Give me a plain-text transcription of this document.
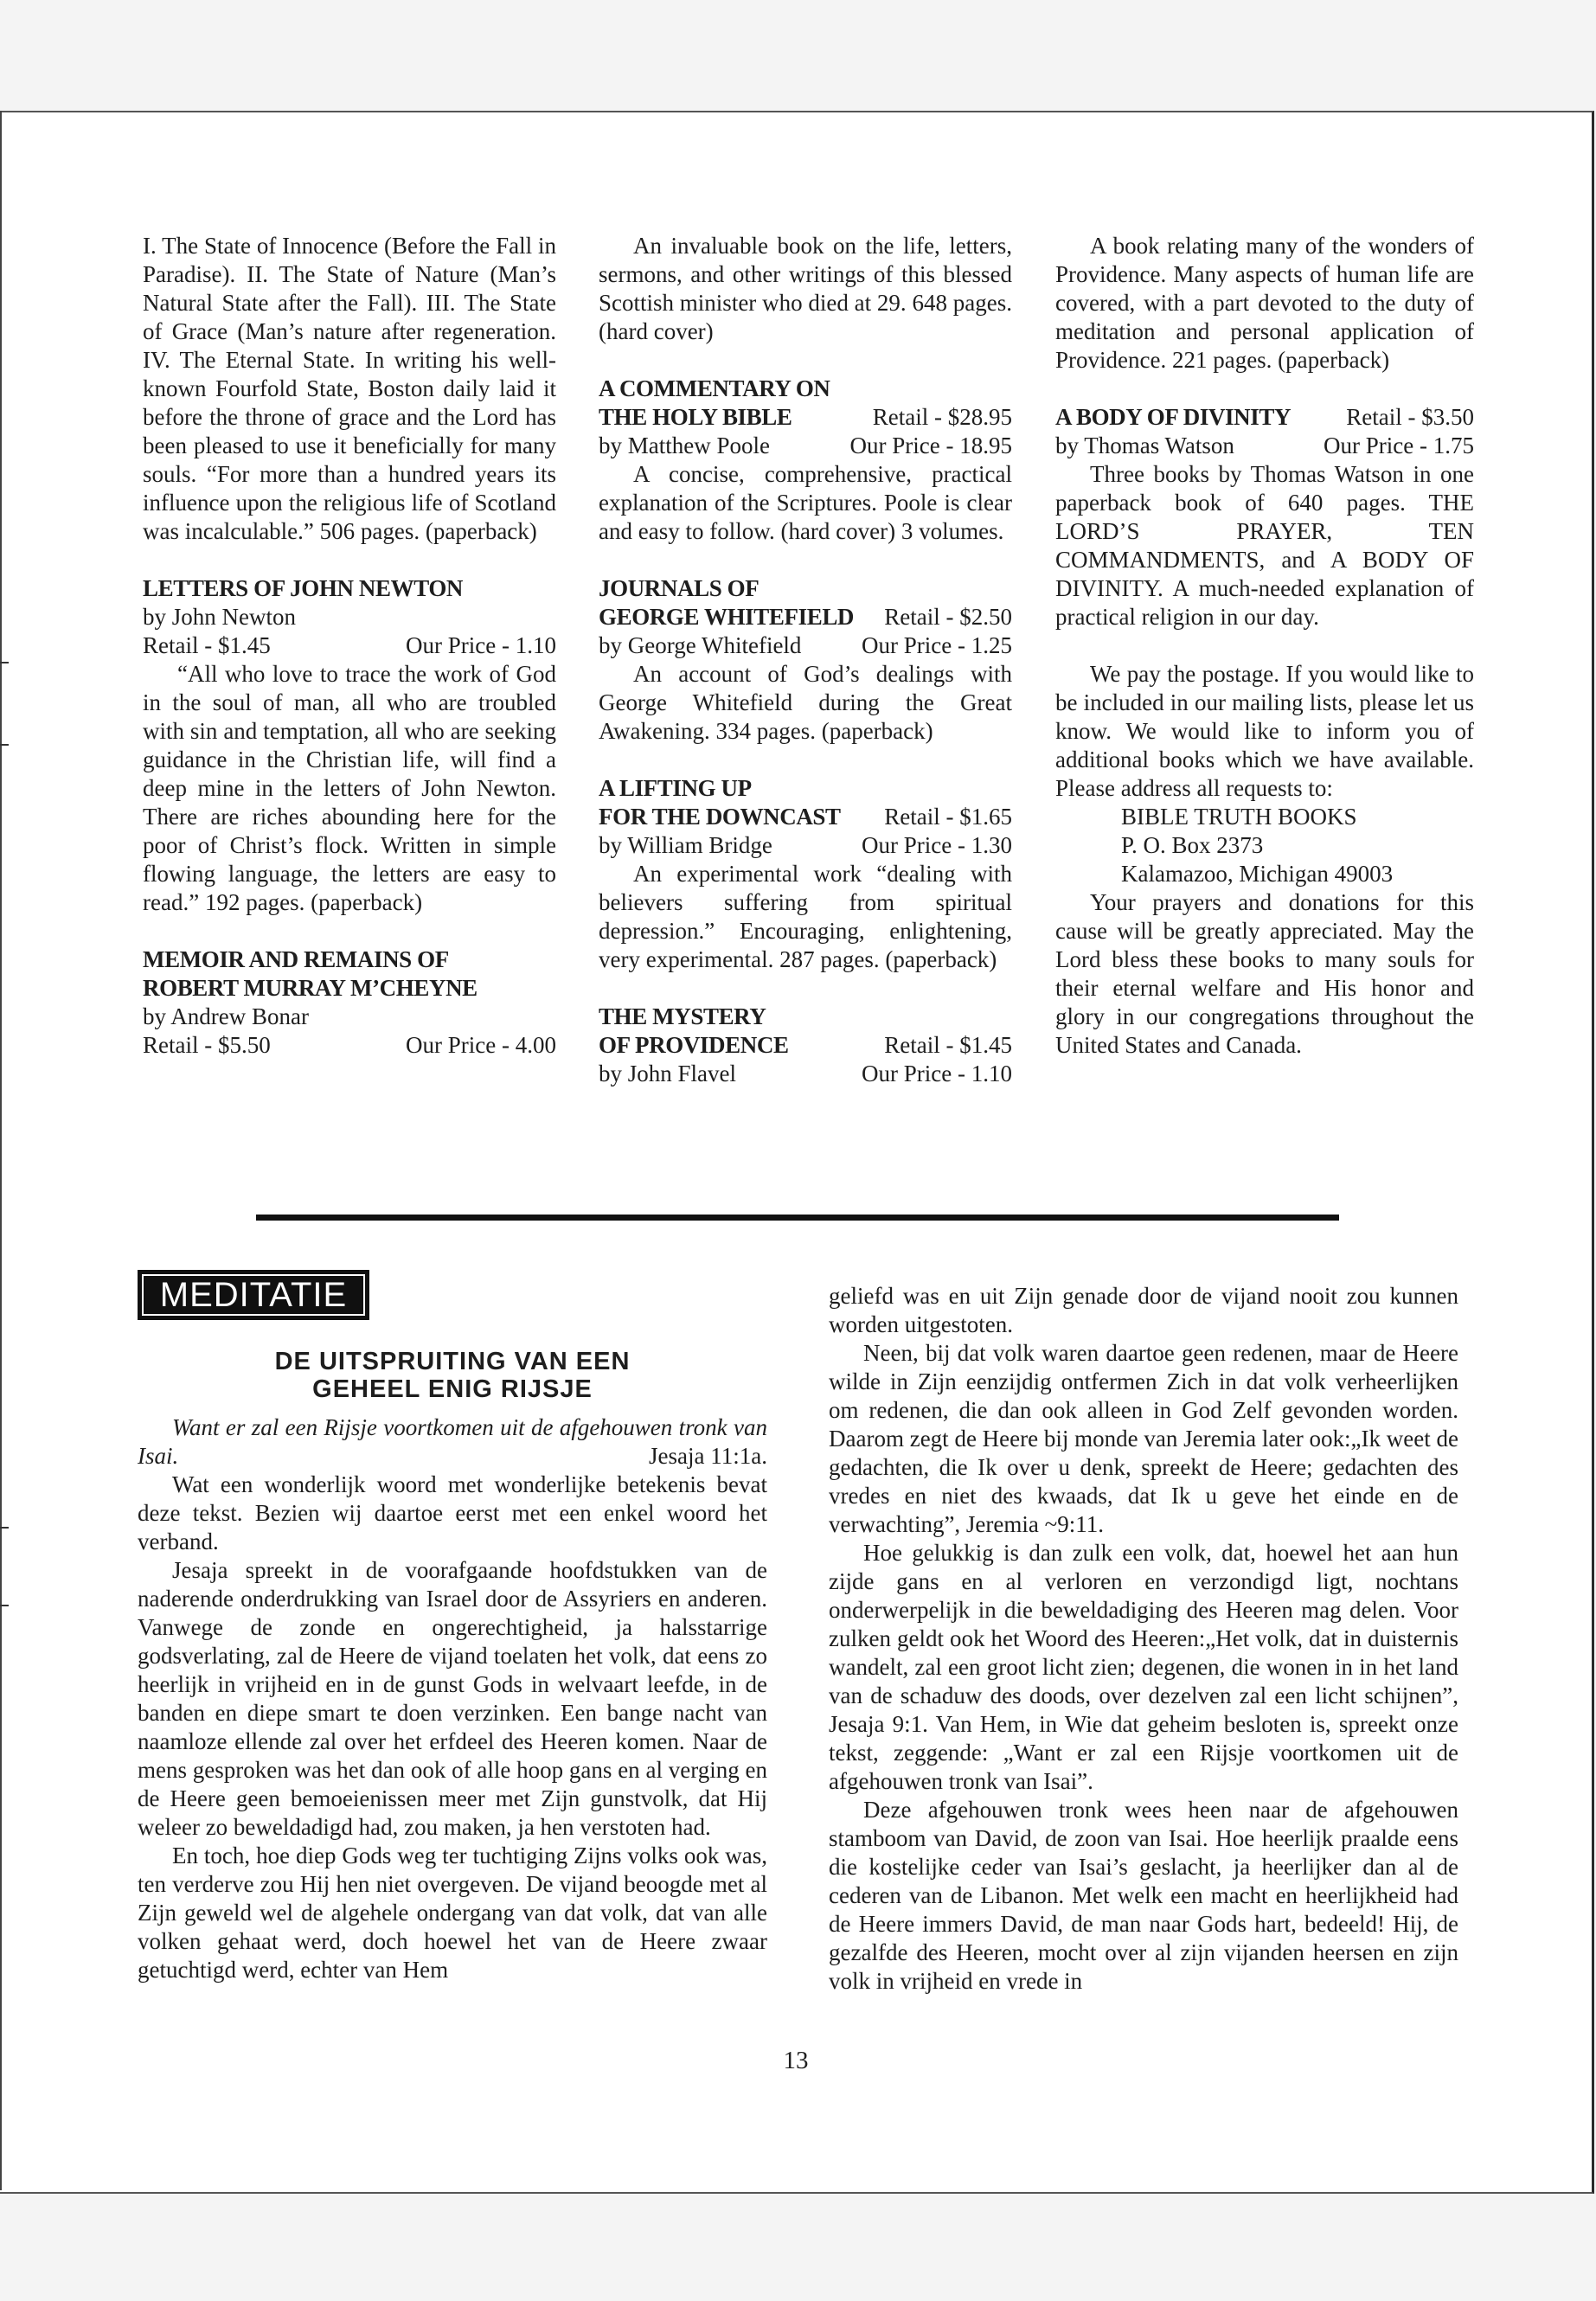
I. The State of Innocence (Before the Fall in Paradise). II. The State of Nature (Man’s Natural State after the Fall). III. The State of Grace (Man’s nature after regeneration. IV. The Eternal State. In writing his well-known Fourfold State, Boston daily laid it before the throne of grace and the Lord has been pleased to use it beneficially for many souls. “For more than a hundred years its influence upon the religious life of Scotland was incalculable.” 506 pages. (paperback)

LETTERS OF JOHN NEWTON

by John Newton

Retail - $1.45	Our Price - 1.10

“All who love to trace the work of God in the soul of man, all who are troubled with sin and temptation, all who are seeking guidance in the Christian life, will find a deep mine in the letters of John Newton. There are riches abounding here for the poor of Christ’s flock. Written in simple flowing language, the letters are easy to read.” 192 pages. (paperback)

MEMOIR AND REMAINS OF

ROBERT MURRAY M’CHEYNE

by Andrew Bonar

Retail - $5.50	Our Price - 4.00

An invaluable book on the life, letters, sermons, and other writings of this blessed Scottish minister who died at 29. 648 pages. (hard cover)

A COMMENTARY ON

THE HOLY BIBLE	Retail - $28.95
by Matthew Poole	Our Price - 18.95

A concise, comprehensive, practical explanation of the Scriptures. Poole is clear and easy to follow. (hard cover) 3 volumes.

JOURNALS OF

GEORGE WHITEFIELD Retail - $2.50
by George Whitefield	Our Price - 1.25

An account of God’s dealings with George Whitefield during the Great Awakening. 334 pages. (paperback)

A LIFTING UP

FOR THE DOWNCAST Retail - $1.65
by William Bridge	Our Price - 1.30

An experimental work “dealing with believers suffering from spiritual depression.” Encouraging, enlightening, very experimental. 287 pages. (paperback)

THE MYSTERY

OF PROVIDENCE	Retail - $1.45
by John Flavel	Our Price - 1.10

A book relating many of the wonders of Providence. Many aspects of human life are covered, with a part devoted to the duty of meditation and personal application of Providence. 221 pages. (paperback)

A BODY OF DIVINITY Retail - $3.50
by Thomas Watson	Our Price - 1.75

Three books by Thomas Watson in one paperback book of 640 pages. THE LORD’S PRAYER, TEN COMMANDMENTS, and A BODY OF DIVINITY. A much-needed explanation of practical religion in our day.

We pay the postage. If you would like to be included in our mailing lists, please let us know. We would like to inform you of additional books which we have available. Please address all requests to:

BIBLE TRUTH BOOKS

P. O. Box 2373

Kalamazoo, Michigan 49003

Your prayers and donations for this cause will be greatly appreciated. May the Lord bless these books to many souls for their eternal welfare and His honor and glory in our congregations throughout the United States and Canada.

MEDITATIE
DE UITSPRUITING VAN EEN
GEHEEL ENIG RIJSJE

Want er zal een Rijsje voortkomen uit de afgehouwen tronk van Isai.	Jesaja 11:1a.

Wat een wonderlijk woord met wonderlijke betekenis bevat deze tekst. Bezien wij daartoe eerst met een enkel woord het verband.

Jesaja spreekt in de voorafgaande hoofdstukken van de naderende onderdrukking van Israel door de Assyriers en anderen. Vanwege de zonde en ongerechtigheid, ja halsstarrige godsverlating, zal de Heere de vijand toelaten het volk, dat eens zo heerlijk in vrijheid en in de gunst Gods in welvaart leefde, in de banden en diepe smart te doen verzinken. Een bange nacht van naamloze ellende zal over het erfdeel des Heeren komen. Naar de mens gesproken was het dan ook of alle hoop gans en al verging en de Heere geen bemoeienissen meer met Zijn gunstvolk, dat Hij weleer zo beweldadigd had, zou maken, ja hen verstoten had.

En toch, hoe diep Gods weg ter tuchtiging Zijns volks ook was, ten verderve zou Hij hen niet overgeven. De vijand beoogde met al Zijn geweld wel de algehele ondergang van dat volk, dat van alle volken gehaat werd, doch hoewel het van de Heere zwaar getuchtigd werd, echter van Hem

geliefd was en uit Zijn genade door de vijand nooit zou kunnen worden uitgestoten.

Neen, bij dat volk waren daartoe geen redenen, maar de Heere wilde in Zijn eenzijdig ontfermen Zich in dat volk verheerlijken om redenen, die dan ook alleen in God Zelf gevonden worden. Daarom zegt de Heere bij monde van Jeremia later ook:„Ik weet de gedachten, die Ik over u denk, spreekt de Heere; gedachten des vredes en niet des kwaads, dat Ik u geve het einde en de verwachting”, Jeremia ~9:11.

Hoe gelukkig is dan zulk een volk, dat, hoewel het aan hun zijde gans en al verloren en verzondigd ligt, nochtans onderwerpelijk in die beweldadiging des Heeren mag delen. Voor zulken geldt ook het Woord des Heeren:„Het volk, dat in duisternis wandelt, zal een groot licht zien; degenen, die wonen in in het land van de schaduw des doods, over dezelven zal een licht schijnen”, Jesaja 9:1. Van Hem, in Wie dat geheim besloten is, spreekt onze tekst, zeggende: „Want er zal een Rijsje voortkomen uit de afgehouwen tronk van Isai”.

Deze afgehouwen tronk wees heen naar de afgehouwen stamboom van David, de zoon van Isai. Hoe heerlijk praalde eens die kostelijke ceder van Isai’s geslacht, ja heerlijker dan al de cederen van de Libanon. Met welk een macht en heerlijkheid had de Heere immers David, de man naar Gods hart, bedeeld! Hij, de gezalfde des Heeren, mocht over al zijn vijanden heersen en zijn volk in vrijheid en vrede in

13
